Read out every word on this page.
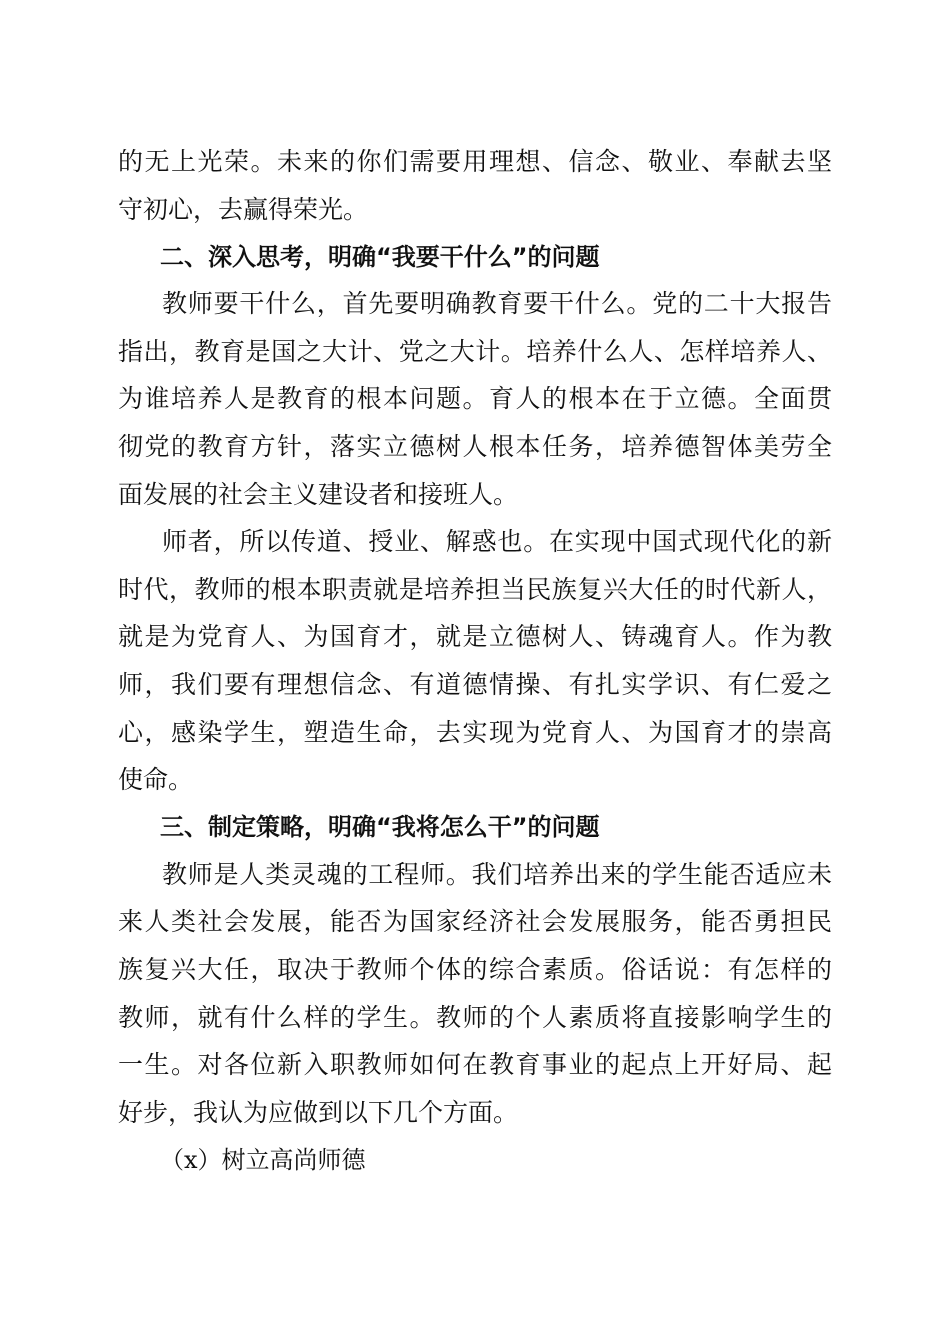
的无上光荣。未来的你们需要用理想、信念、敬业、奉献去坚
守初心，去赢得荣光。
二、深入思考，明确“我要干什么”的问题
教师要干什么，首先要明确教育要干什么。党的二十大报告
指出，教育是国之大计、党之大计。培养什么人、怎样培养人、
为谁培养人是教育的根本问题。育人的根本在于立德。全面贯
彻党的教育方针，落实立德树人根本任务，培养德智体美劳全
面发展的社会主义建设者和接班人。
师者，所以传道、授业、解惑也。在实现中国式现代化的新
时代，教师的根本职责就是培养担当民族复兴大任的时代新人，
就是为党育人、为国育才，就是立德树人、铸魂育人。作为教
师，我们要有理想信念、有道德情操、有扎实学识、有仁爱之
心，感染学生，塑造生命，去实现为党育人、为国育才的崇高
使命。
三、制定策略，明确“我将怎么干”的问题
教师是人类灵魂的工程师。我们培养出来的学生能否适应未
来人类社会发展，能否为国家经济社会发展服务，能否勇担民
族复兴大任，取决于教师个体的综合素质。俗话说：有怎样的
教师，就有什么样的学生。教师的个人素质将直接影响学生的
一生。对各位新入职教师如何在教育事业的起点上开好局、起
好步，我认为应做到以下几个方面。
（x）树立高尚师德
